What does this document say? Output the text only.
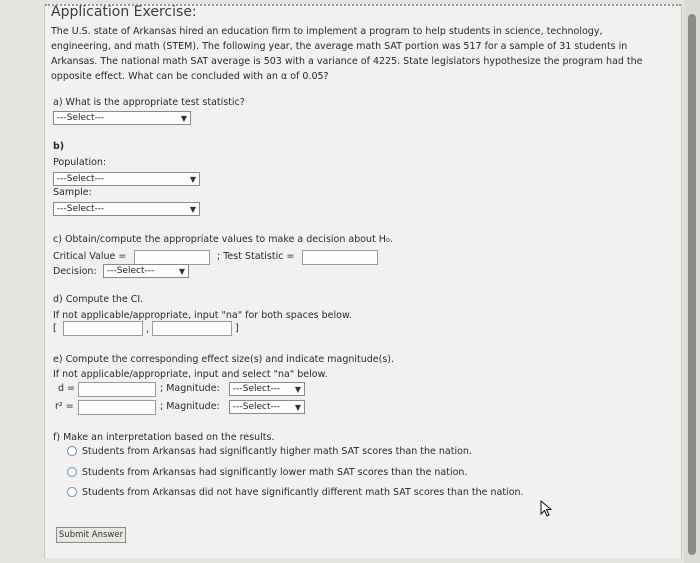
Application Exercise:
The U.S. state of Arkansas hired an education firm to implement a program to help students in science, technology,
engineering, and math (STEM). The following year, the average math SAT portion was 517 for a sample of 31 students in
Arkansas. The national math SAT average is 503 with a variance of 4225. State legislators hypothesize the program had the
opposite effect. What can be concluded with an α of 0.05?
a) What is the appropriate test statistic?
---Select---	▼
b)
Population:
---Select---	▼
Sample:
---Select---	▼
c) Obtain/compute the appropriate values to make a decision about H₀.
Critical Value =	; Test Statistic =
Decision: ---Select---	▼
d) Compute the CI.
If not applicable/appropriate, input "na" for both spaces below.
[	,	]
e) Compute the corresponding effect size(s) and indicate magnitude(s).
If not applicable/appropriate, input and select "na" below.
d =	; Magnitude: ---Select--- ▼
r² =	; Magnitude: ---Select--- ▼
f) Make an interpretation based on the results.
Students from Arkansas had significantly higher math SAT scores than the nation.
Students from Arkansas had significantly lower math SAT scores than the nation.
Students from Arkansas did not have significantly different math SAT scores than the nation.
Submit Answer
